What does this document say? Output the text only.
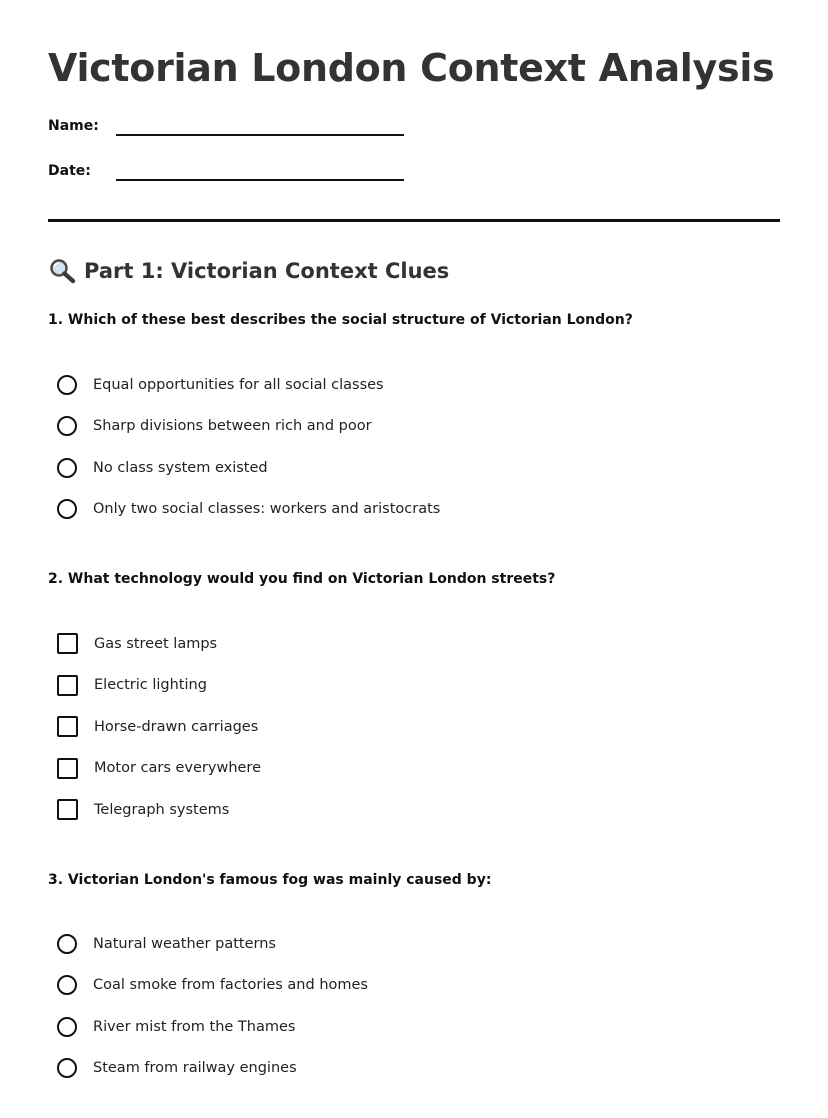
Victorian London Context Analysis
Name:
Date:
Part 1: Victorian Context Clues

1. Which of these best describes the social structure of Victorian London?

Equal opportunities for all social classes
Sharp divisions between rich and poor
No class system existed
Only two social classes: workers and aristocrats

2. What technology would you find on Victorian London streets?

Gas street lamps
Electric lighting
Horse-drawn carriages
Motor cars everywhere
Telegraph systems

3. Victorian London's famous fog was mainly caused by:

Natural weather patterns
Coal smoke from factories and homes
River mist from the Thames
Steam from railway engines
